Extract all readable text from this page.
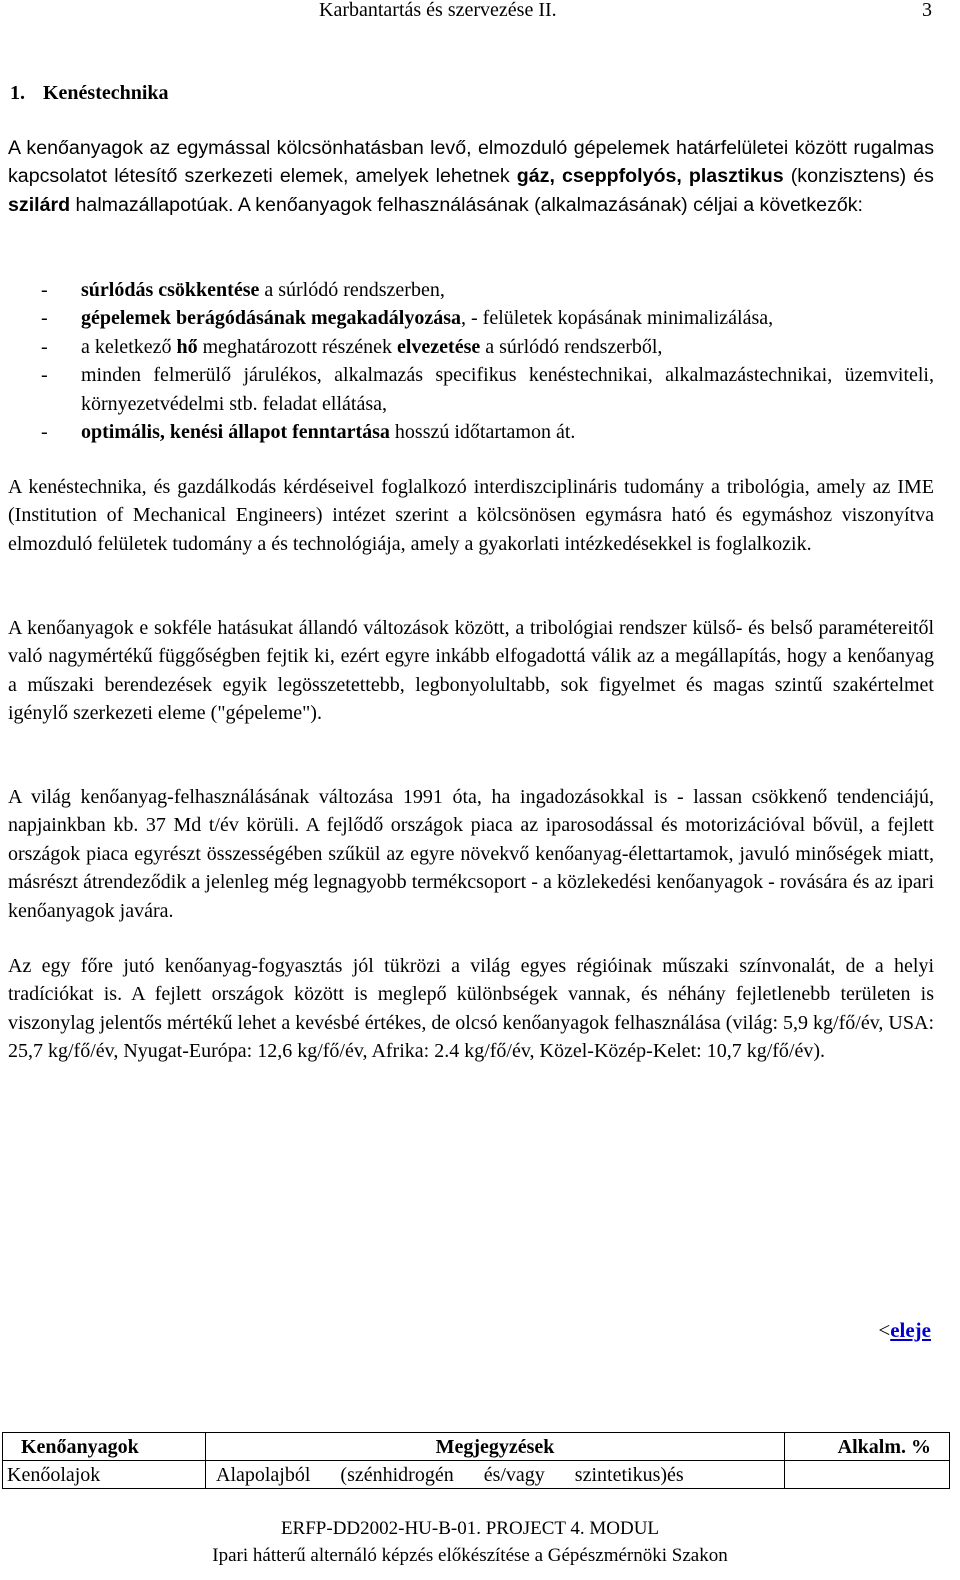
Karbantartás és szervezése II.	3
1. Kenéstechnika
A kenőanyagok az egymással kölcsönhatásban levő, elmozduló gépelemek határfelületei között rugalmas kapcsolatot létesítő szerkezeti elemek, amelyek lehetnek gáz, cseppfolyós, plasztikus (konzisztens) és szilárd halmazállapotúak. A kenőanyagok felhasználásának (alkalmazásának) céljai a következők:
- súrlódás csökkentése a súrlódó rendszerben,
- gépelemek berágódásának megakadályozása, - felületek kopásának minimalizálása,
- a keletkező hő meghatározott részének elvezetése a súrlódó rendszerből,
- minden felmerülő járulékos, alkalmazás specifikus kenéstechnikai, alkalmazástechnikai, üzemviteli, környezetvédelmi stb. feladat ellátása,
- optimális, kenési állapot fenntartása hosszú időtartamon át.
A kenéstechnika, és gazdálkodás kérdéseivel foglalkozó interdiszciplináris tudomány a tribológia, amely az IME (Institution of Mechanical Engineers) intézet szerint a kölcsönösen egymásra ható és egymáshoz viszonyítva elmozduló felületek tudomány a és technológiája, amely a gyakorlati intézkedésekkel is foglalkozik.
A kenőanyagok e sokféle hatásukat állandó változások között, a tribológiai rendszer külső- és belső paramétereitől való nagymértékű függőségben fejtik ki, ezért egyre inkább elfogadottá válik az a megállapítás, hogy a kenőanyag a műszaki berendezések egyik legösszetettebb, legbonyolultabb, sok figyelmet és magas szintű szakértelmet igénylő szerkezeti eleme ("gépeleme").
A világ kenőanyag-felhasználásának változása 1991 óta, ha ingadozásokkal is - lassan csökkenő tendenciájú, napjainkban kb. 37 Md t/év körüli. A fejlődő országok piaca az iparosodással és motorizációval bővül, a fejlett országok piaca egyrészt összességében szűkül az egyre növekvő kenőanyag-élettartamok, javuló minőségek miatt, másrészt átrendeződik a jelenleg még legnagyobb termékcsoport - a közlekedési kenőanyagok - rovására és az ipari kenőanyagok javára.
Az egy főre jutó kenőanyag-fogyasztás jól tükrözi a világ egyes régióinak műszaki színvonalát, de a helyi tradíciókat is. A fejlett országok között is meglepő különbségek vannak, és néhány fejletlenebb területen is viszonylag jelentős mértékű lehet a kevésbé értékes, de olcsó kenőanyagok felhasználása (világ: 5,9 kg/fő/év, USA: 25,7 kg/fő/év, Nyugat-Európa: 12,6 kg/fő/év, Afrika: 2.4 kg/fő/év, Közel-Közép-Kelet: 10,7 kg/fő/év).
<eleje
Kenőanyagok	Megjegyzések	Alkalm. %
Kenőolajok	Alapolajból      (szénhidrogén      és/vagy      szintetikus)és	
ERFP-DD2002-HU-B-01. PROJECT 4. MODUL
Ipari hátterű alternáló képzés előkészítése a Gépészmérnöki Szakon
